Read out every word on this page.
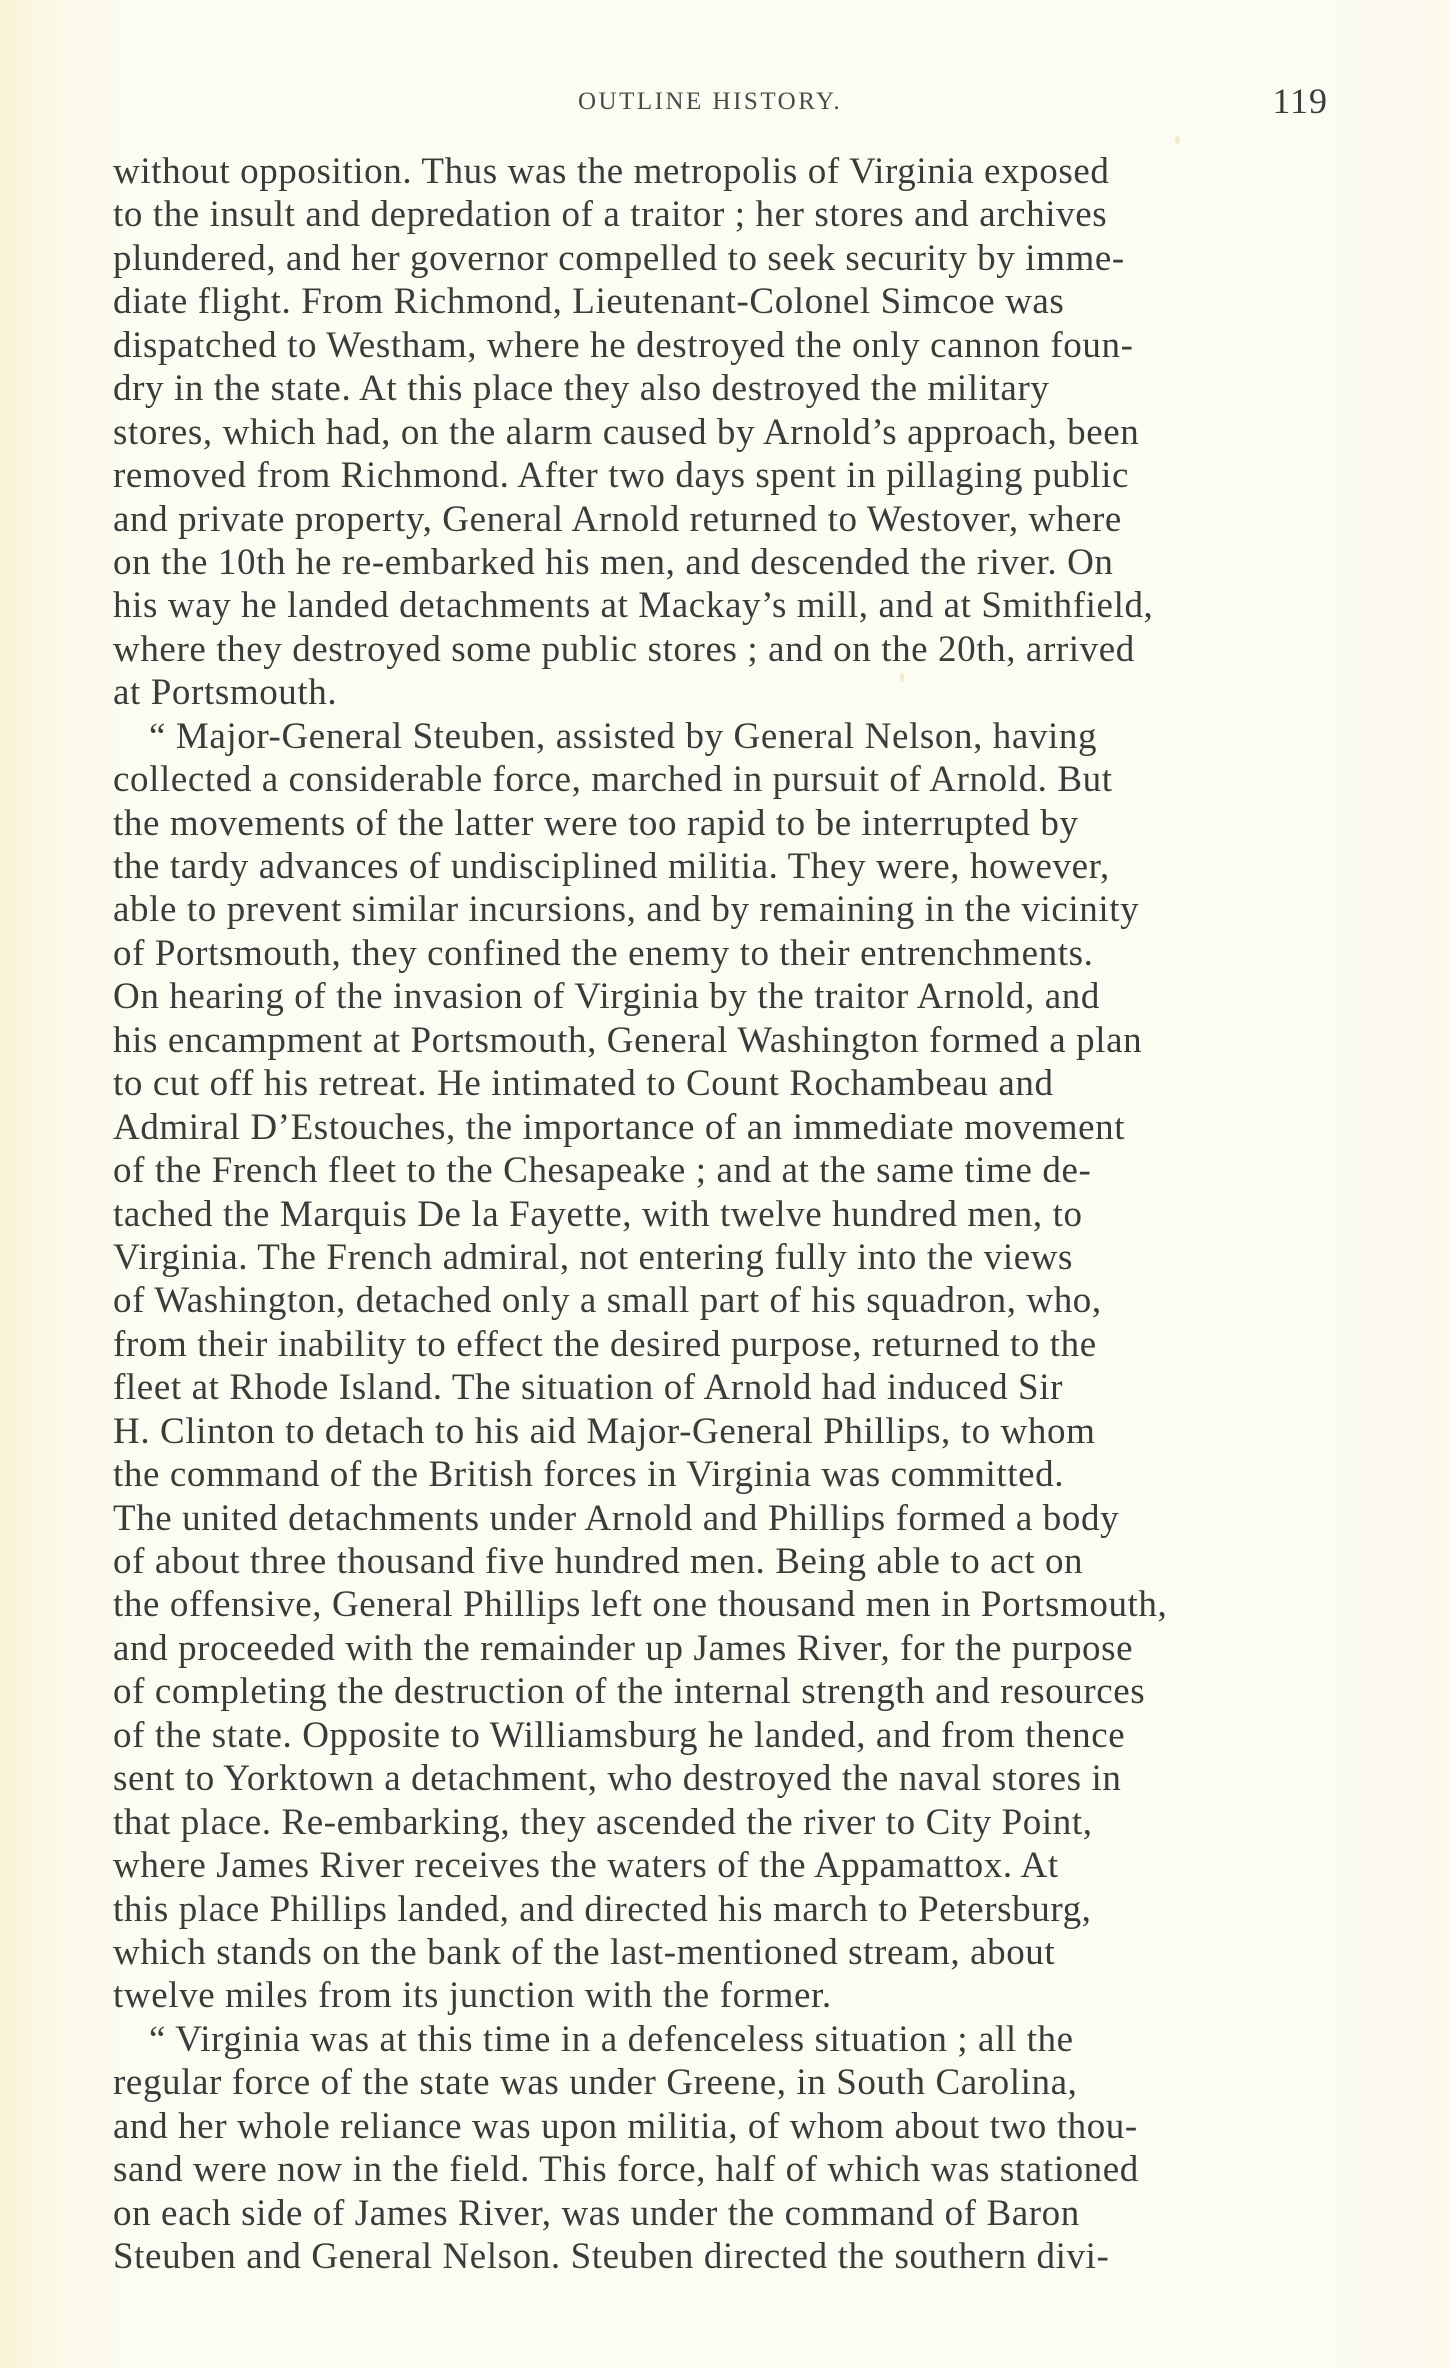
OUTLINE HISTORY.	119
without opposition. Thus was the metropolis of Virginia exposed
to the insult and depredation of a traitor ; her stores and archives
plundered, and her governor compelled to seek security by imme-
diate flight. From Richmond, Lieutenant-Colonel Simcoe was
dispatched to Westham, where he destroyed the only cannon foun-
dry in the state. At this place they also destroyed the military
stores, which had, on the alarm caused by Arnold’s approach, been
removed from Richmond. After two days spent in pillaging public
and private property, General Arnold returned to Westover, where
on the 10th he re-embarked his men, and descended the river. On
his way he landed detachments at Mackay’s mill, and at Smithfield,
where they destroyed some public stores ; and on the 20th, arrived
at Portsmouth.
“ Major-General Steuben, assisted by General Nelson, having
collected a considerable force, marched in pursuit of Arnold. But
the movements of the latter were too rapid to be interrupted by
the tardy advances of undisciplined militia. They were, however,
able to prevent similar incursions, and by remaining in the vicinity
of Portsmouth, they confined the enemy to their entrenchments.
On hearing of the invasion of Virginia by the traitor Arnold, and
his encampment at Portsmouth, General Washington formed a plan
to cut off his retreat. He intimated to Count Rochambeau and
Admiral D’Estouches, the importance of an immediate movement
of the French fleet to the Chesapeake ; and at the same time de-
tached the Marquis De la Fayette, with twelve hundred men, to
Virginia. The French admiral, not entering fully into the views
of Washington, detached only a small part of his squadron, who,
from their inability to effect the desired purpose, returned to the
fleet at Rhode Island. The situation of Arnold had induced Sir
H. Clinton to detach to his aid Major-General Phillips, to whom
the command of the British forces in Virginia was committed.
The united detachments under Arnold and Phillips formed a body
of about three thousand five hundred men. Being able to act on
the offensive, General Phillips left one thousand men in Portsmouth,
and proceeded with the remainder up James River, for the purpose
of completing the destruction of the internal strength and resources
of the state. Opposite to Williamsburg he landed, and from thence
sent to Yorktown a detachment, who destroyed the naval stores in
that place. Re-embarking, they ascended the river to City Point,
where James River receives the waters of the Appamattox. At
this place Phillips landed, and directed his march to Petersburg,
which stands on the bank of the last-mentioned stream, about
twelve miles from its junction with the former.
“ Virginia was at this time in a defenceless situation ; all the
regular force of the state was under Greene, in South Carolina,
and her whole reliance was upon militia, of whom about two thou-
sand were now in the field. This force, half of which was stationed
on each side of James River, was under the command of Baron
Steuben and General Nelson. Steuben directed the southern divi-
